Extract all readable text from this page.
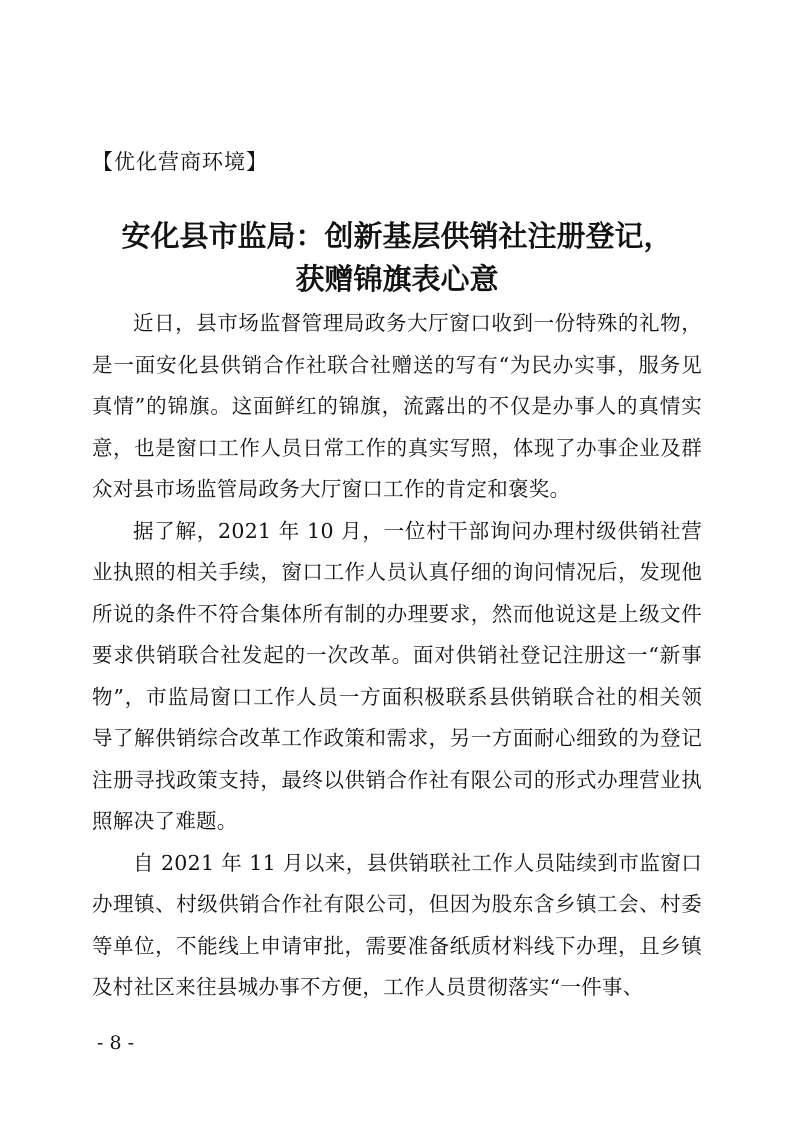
【优化营商环境】
安化县市监局：创新基层供销社注册登记，
获赠锦旗表心意

近日，县市场监督管理局政务大厅窗口收到一份特殊的礼物，是一面安化县供销合作社联合社赠送的写有“为民办实事，服务见真情”的锦旗。这面鲜红的锦旗，流露出的不仅是办事人的真情实意，也是窗口工作人员日常工作的真实写照，体现了办事企业及群众对县市场监管局政务大厅窗口工作的肯定和褒奖。

据了解，2021 年 10 月，一位村干部询问办理村级供销社营业执照的相关手续，窗口工作人员认真仔细的询问情况后，发现他所说的条件不符合集体所有制的办理要求，然而他说这是上级文件要求供销联合社发起的一次改革。面对供销社登记注册这一“新事物”，市监局窗口工作人员一方面积极联系县供销联合社的相关领导了解供销综合改革工作政策和需求，另一方面耐心细致的为登记注册寻找政策支持，最终以供销合作社有限公司的形式办理营业执照解决了难题。

自 2021 年 11 月以来，县供销联社工作人员陆续到市监窗口办理镇、村级供销合作社有限公司，但因为股东含乡镇工会、村委等单位，不能线上申请审批，需要准备纸质材料线下办理，且乡镇及村社区来往县城办事不方便，工作人员贯彻落实“一件事、

- 8 -
